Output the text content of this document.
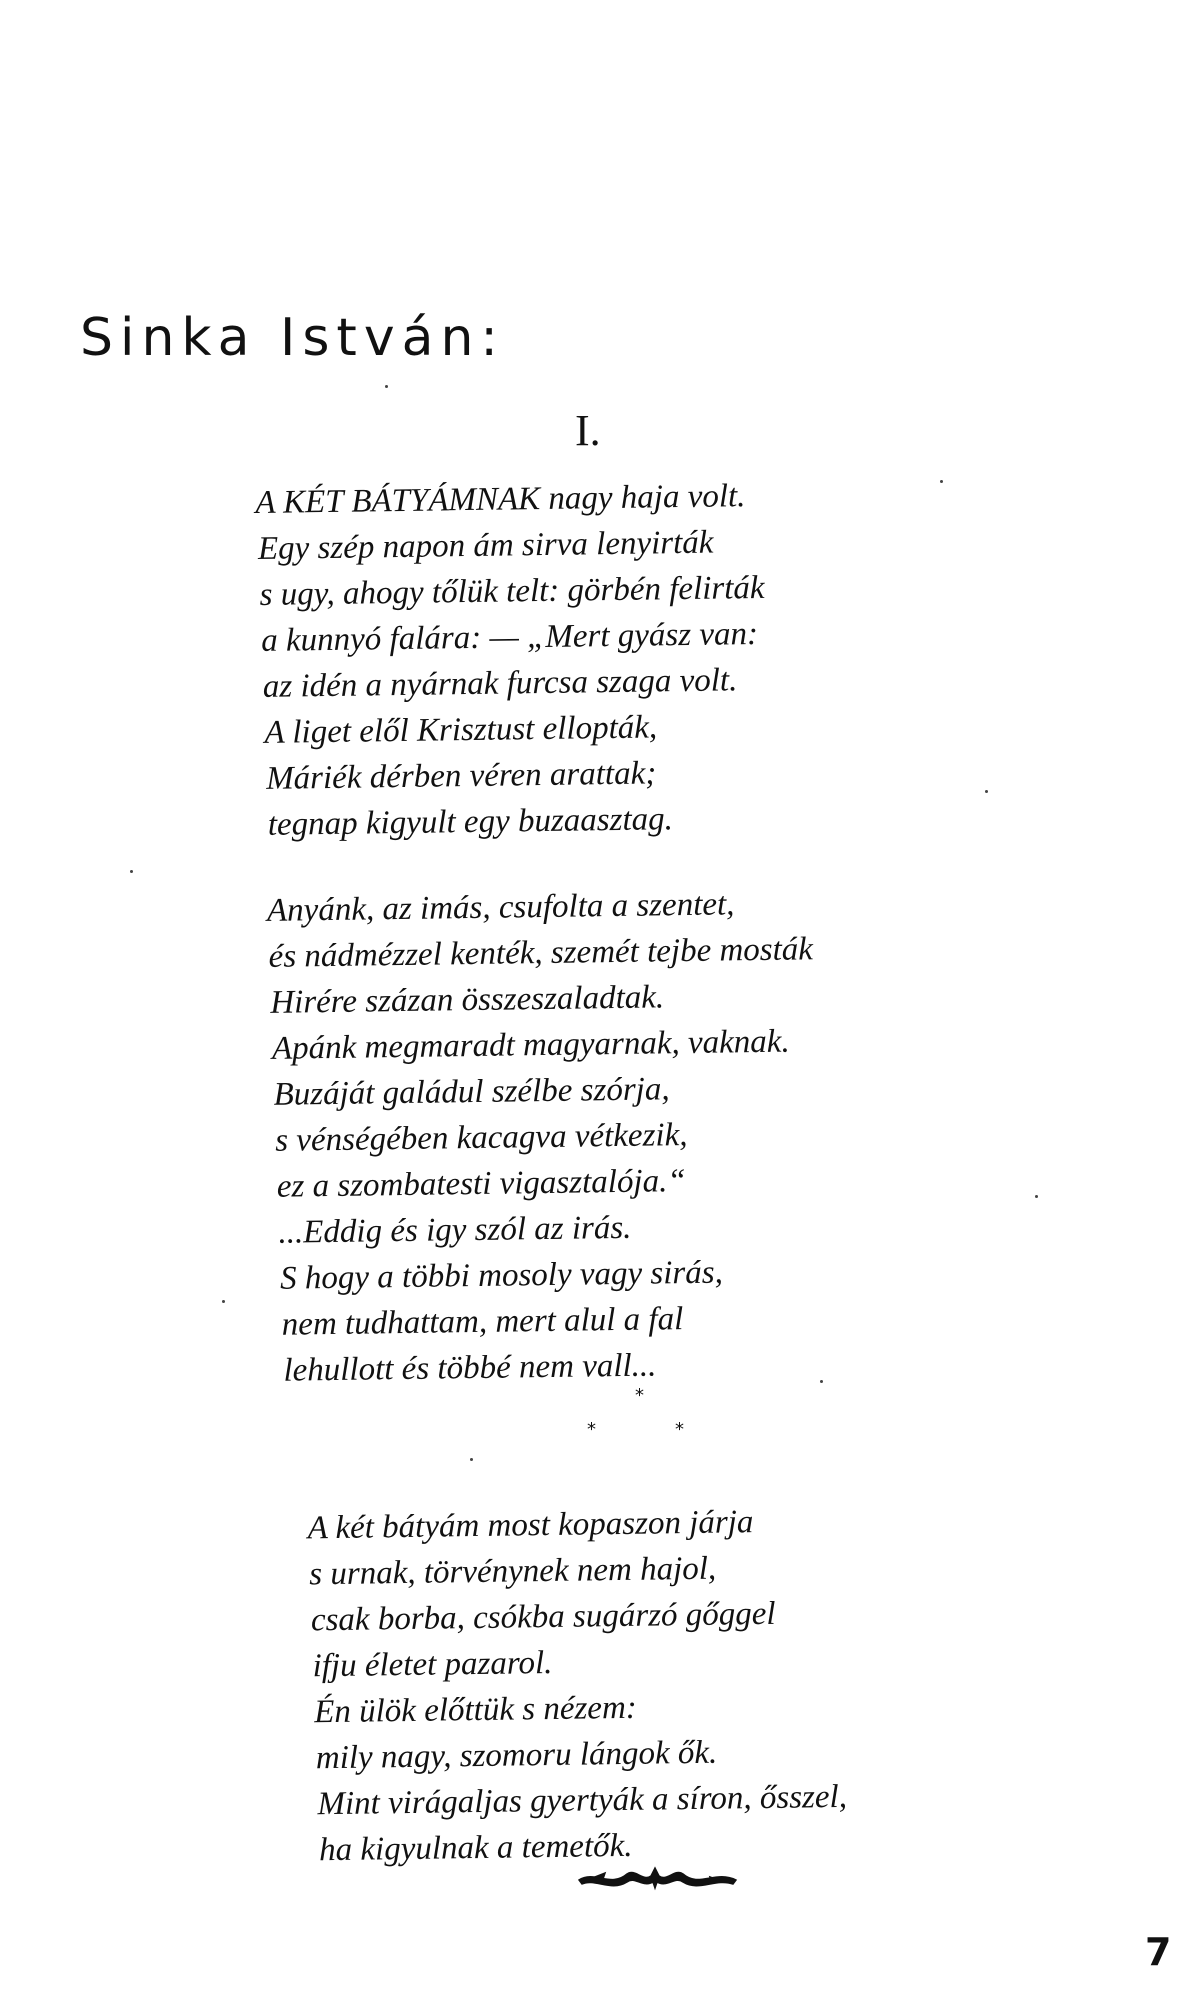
Sinka István:
I.
A KÉT BÁTYÁMNAK nagy haja volt.
Egy szép napon ám sirva lenyirták
s ugy, ahogy tőlük telt: görbén felirták
a kunnyó falára: — „Mert gyász van:
az idén a nyárnak furcsa szaga volt.
A liget elől Krisztust ellopták,
Máriék dérben véren arattak;
tegnap kigyult egy buzaasztag.
Anyánk, az imás, csufolta a szentet,
és nádmézzel kenték, szemét tejbe mosták
Hirére százan összeszaladtak.
Apánk megmaradt magyarnak, vaknak.
Buzáját galádul szélbe szórja,
s vénségében kacagva vétkezik,
ez a szombatesti vigasztalója.“
...Eddig és igy szól az irás.
S hogy a többi mosoly vagy sirás,
nem tudhattam, mert alul a fal
lehullott és többé nem vall...
A két bátyám most kopaszon járja
s urnak, törvénynek nem hajol,
csak borba, csókba sugárzó gőggel
ifju életet pazarol.
Én ülök előttük s nézem:
mily nagy, szomoru lángok ők.
Mint virágaljas gyertyák a síron, ősszel,
ha kigyulnak a temetők.
*
*	*
7
